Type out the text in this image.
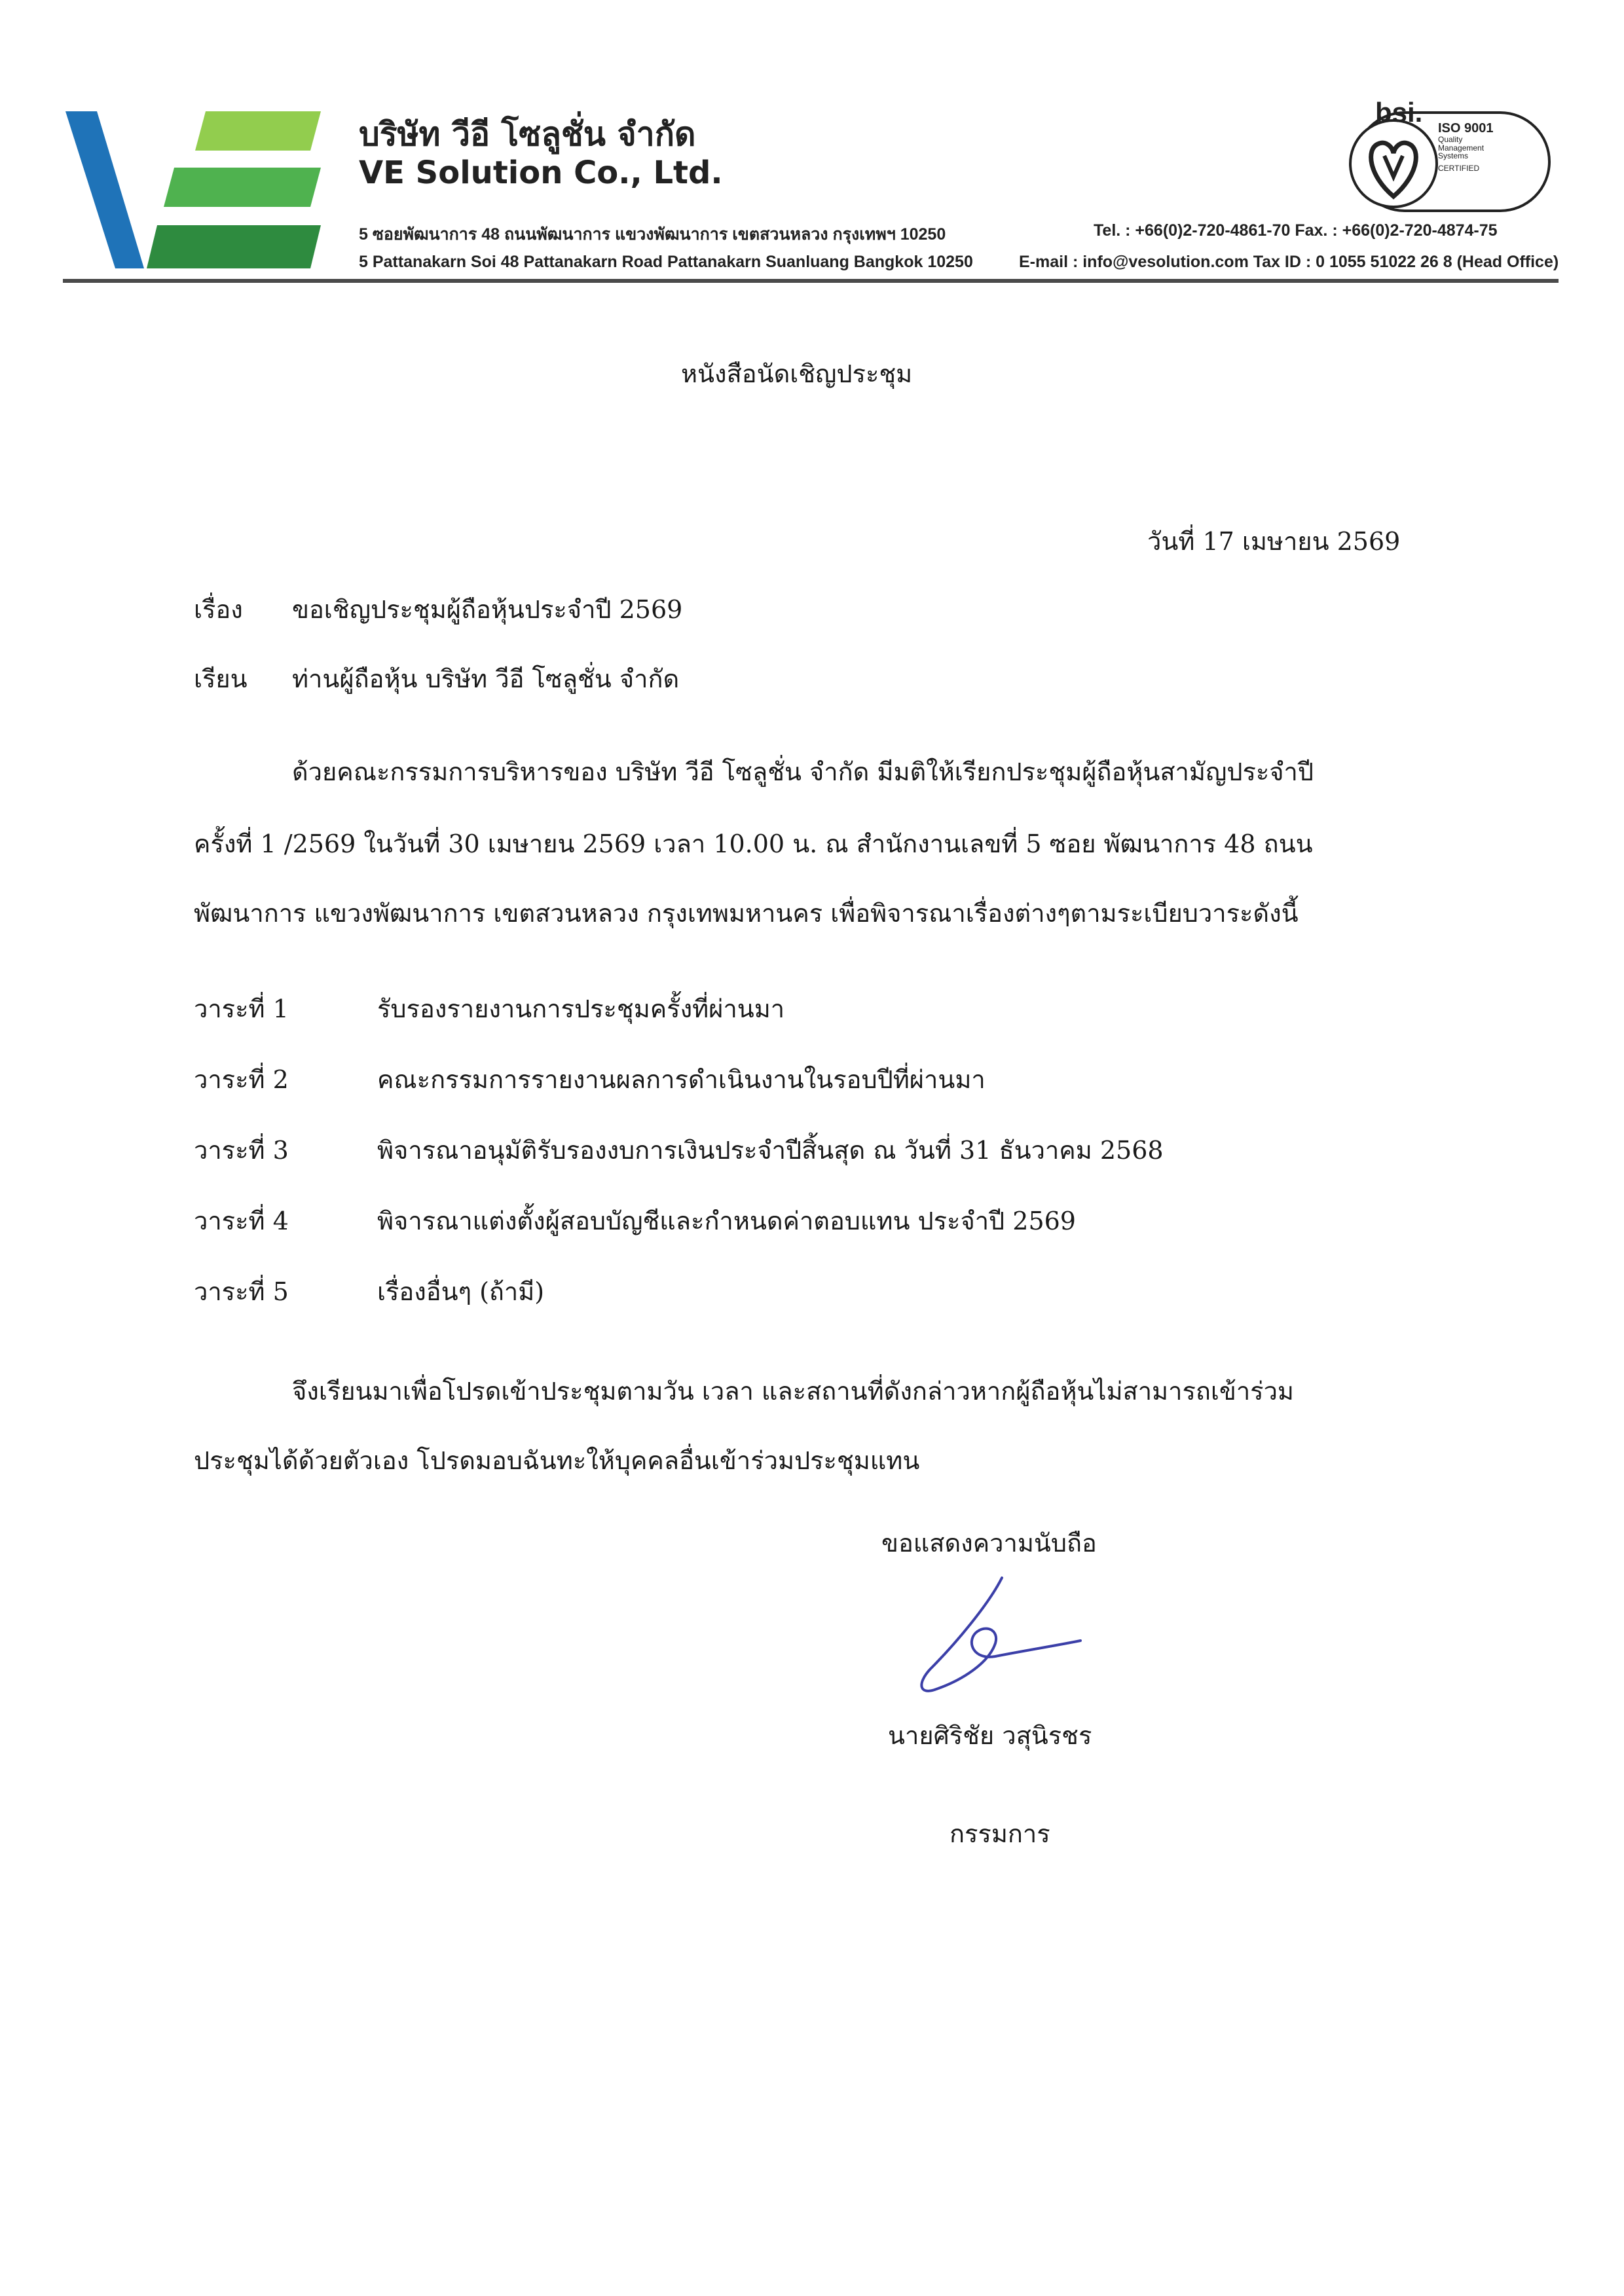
บริษัท วีอี โซลูชั่น จำกัด
VE Solution Co., Ltd.
5 ซอยพัฒนาการ 48 ถนนพัฒนาการ แขวงพัฒนาการ เขตสวนหลวง กรุงเทพฯ 10250
5 Pattanakarn Soi 48 Pattanakarn Road Pattanakarn Suanluang Bangkok 10250
Tel. : +66(0)2-720-4861-70 Fax. : +66(0)2-720-4874-75
E-mail : info@vesolution.com Tax ID : 0 1055 51022 26 8 (Head Office)
bsi.
ISO 9001
Quality
Management
Systems
CERTIFIED
หนังสือนัดเชิญประชุม
วันที่ 17 เมษายน 2569
เรื่อง ขอเชิญประชุมผู้ถือหุ้นประจำปี 2569
เรียน ท่านผู้ถือหุ้น บริษัท วีอี โซลูชั่น จำกัด
ด้วยคณะกรรมการบริหารของ บริษัท วีอี โซลูชั่น จำกัด มีมติให้เรียกประชุมผู้ถือหุ้นสามัญประจำปี
ครั้งที่ 1 /2569 ในวันที่ 30 เมษายน 2569 เวลา 10.00 น. ณ สำนักงานเลขที่ 5 ซอย พัฒนาการ 48 ถนน
พัฒนาการ แขวงพัฒนาการ เขตสวนหลวง กรุงเทพมหานคร เพื่อพิจารณาเรื่องต่างๆตามระเบียบวาระดังนี้
วาระที่ 1	รับรองรายงานการประชุมครั้งที่ผ่านมา
วาระที่ 2	คณะกรรมการรายงานผลการดำเนินงานในรอบปีที่ผ่านมา
วาระที่ 3	พิจารณาอนุมัติรับรองงบการเงินประจำปีสิ้นสุด ณ วันที่ 31 ธันวาคม 2568
วาระที่ 4	พิจารณาแต่งตั้งผู้สอบบัญชีและกำหนดค่าตอบแทน ประจำปี 2569
วาระที่ 5	เรื่องอื่นๆ (ถ้ามี)
จึงเรียนมาเพื่อโปรดเข้าประชุมตามวัน เวลา และสถานที่ดังกล่าวหากผู้ถือหุ้นไม่สามารถเข้าร่วม
ประชุมได้ด้วยตัวเอง โปรดมอบฉันทะให้บุคคลอื่นเข้าร่วมประชุมแทน
ขอแสดงความนับถือ
นายศิริชัย วสุนิรชร
กรรมการ
